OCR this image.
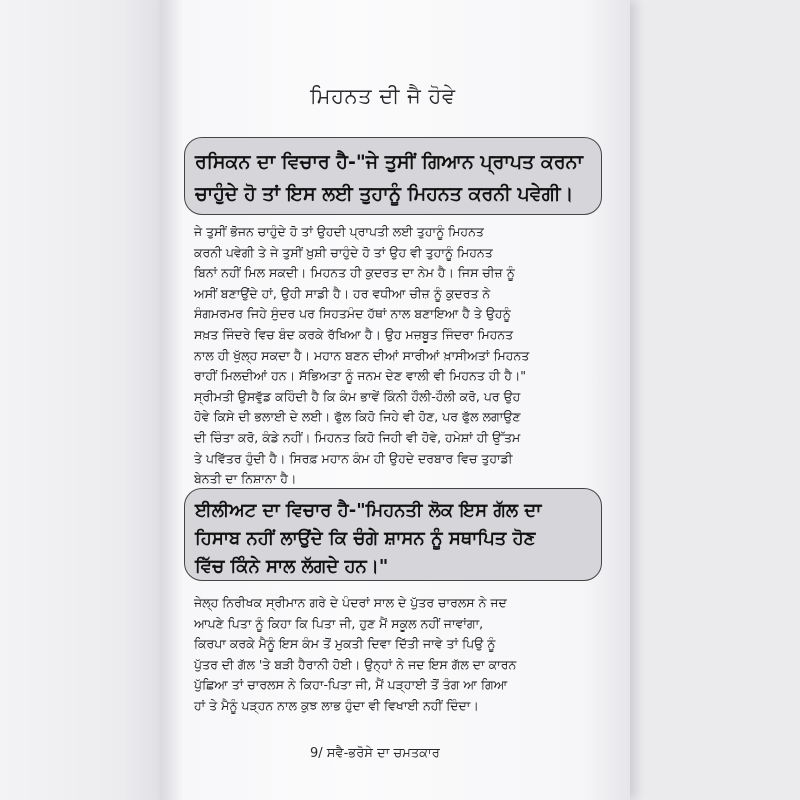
ਮਿਹਨਤ ਦੀ ਜੈ ਹੋਵੇ
ਰਸਿਕਨ ਦਾ ਵਿਚਾਰ ਹੈ-"ਜੇ ਤੁਸੀਂ ਗਿਆਨ ਪ੍ਰਾਪਤ ਕਰਨਾ
ਚਾਹੁੰਦੇ ਹੋ ਤਾਂ ਇਸ ਲਈ ਤੁਹਾਨੂੰ ਮਿਹਨਤ ਕਰਨੀ ਪਵੇਗੀ।
ਜੇ ਤੁਸੀਂ ਭੋਜਨ ਚਾਹੁੰਦੇ ਹੋ ਤਾਂ ਉਹਦੀ ਪ੍ਰਾਪਤੀ ਲਈ ਤੁਹਾਨੂੰ ਮਿਹਨਤ
ਕਰਨੀ ਪਵੇਗੀ ਤੇ ਜੇ ਤੁਸੀਂ ਖ਼ੁਸ਼ੀ ਚਾਹੁੰਦੇ ਹੋ ਤਾਂ ਉਹ ਵੀ ਤੁਹਾਨੂੰ ਮਿਹਨਤ
ਬਿਨਾਂ ਨਹੀਂ ਮਿਲ ਸਕਦੀ। ਮਿਹਨਤ ਹੀ ਕੁਦਰਤ ਦਾ ਨੇਮ ਹੈ। ਜਿਸ ਚੀਜ਼ ਨੂੰ
ਅਸੀਂ ਬਣਾਉਂਦੇ ਹਾਂ, ਉਹੀ ਸਾਡੀ ਹੈ। ਹਰ ਵਧੀਆ ਚੀਜ਼ ਨੂੰ ਕੁਦਰਤ ਨੇ
ਸੰਗਮਰਮਰ ਜਿਹੇ ਸੁੰਦਰ ਪਰ ਸਿਹਤਮੰਦ ਹੱਥਾਂ ਨਾਲ ਬਣਾਇਆ ਹੈ ਤੇ ਉਹਨੂੰ
ਸਖ਼ਤ ਜਿੰਦਰੇ ਵਿਚ ਬੰਦ ਕਰਕੇ ਰੱਖਿਆ ਹੈ। ਉਹ ਮਜ਼ਬੂਤ ਜਿੰਦਰਾ ਮਿਹਨਤ
ਨਾਲ ਹੀ ਖੁੱਲ੍ਹ ਸਕਦਾ ਹੈ। ਮਹਾਨ ਬਣਨ ਦੀਆਂ ਸਾਰੀਆਂ ਖ਼ਾਸੀਅਤਾਂ ਮਿਹਨਤ
ਰਾਹੀਂ ਮਿਲਦੀਆਂ ਹਨ। ਸੱਭਿਅਤਾ ਨੂੰ ਜਨਮ ਦੇਣ ਵਾਲੀ ਵੀ ਮਿਹਨਤ ਹੀ ਹੈ।"
ਸ੍ਰੀਮਤੀ ਉਸਵੁੱਡ ਕਹਿੰਦੀ ਹੈ ਕਿ ਕੰਮ ਭਾਵੇਂ ਕਿੰਨੀ ਹੌਲੀ-ਹੌਲੀ ਕਰੋ, ਪਰ ਉਹ
ਹੋਵੇ ਕਿਸੇ ਦੀ ਭਲਾਈ ਦੇ ਲਈ। ਫੁੱਲ ਕਿਹੋ ਜਿਹੇ ਵੀ ਹੋਣ, ਪਰ ਫੁੱਲ ਲਗਾਉਣ
ਦੀ ਚਿੰਤਾ ਕਰੋ, ਕੰਡੇ ਨਹੀਂ। ਮਿਹਨਤ ਕਿਹੋ ਜਿਹੀ ਵੀ ਹੋਵੇ, ਹਮੇਸ਼ਾਂ ਹੀ ਉੱਤਮ
ਤੇ ਪਵਿੱਤਰ ਹੁੰਦੀ ਹੈ। ਸਿਰਫ਼ ਮਹਾਨ ਕੰਮ ਹੀ ਉਹਦੇ ਦਰਬਾਰ ਵਿਚ ਤੁਹਾਡੀ
ਬੇਨਤੀ ਦਾ ਨਿਸ਼ਾਨਾ ਹੈ।
ਈਲੀਅਟ ਦਾ ਵਿਚਾਰ ਹੈ-"ਮਿਹਨਤੀ ਲੋਕ ਇਸ ਗੱਲ ਦਾ
ਹਿਸਾਬ ਨਹੀਂ ਲਾਉਂਦੇ ਕਿ ਚੰਗੇ ਸ਼ਾਸਨ ਨੂੰ ਸਥਾਪਿਤ ਹੋਣ
ਵਿੱਚ ਕਿੰਨੇ ਸਾਲ ਲੱਗਦੇ ਹਨ।"
ਜੇਲ੍ਹ ਨਿਰੀਖਕ ਸ੍ਰੀਮਾਨ ਗਰੇ ਦੇ ਪੰਦਰਾਂ ਸਾਲ ਦੇ ਪੁੱਤਰ ਚਾਰਲਸ ਨੇ ਜਦ
ਆਪਣੇ ਪਿਤਾ ਨੂੰ ਕਿਹਾ ਕਿ ਪਿਤਾ ਜੀ, ਹੁਣ ਮੈਂ ਸਕੂਲ ਨਹੀਂ ਜਾਵਾਂਗਾ,
ਕਿਰਪਾ ਕਰਕੇ ਮੈਨੂੰ ਇਸ ਕੰਮ ਤੋਂ ਮੁਕਤੀ ਦਿਵਾ ਦਿੱਤੀ ਜਾਵੇ ਤਾਂ ਪਿਉ ਨੂੰ
ਪੁੱਤਰ ਦੀ ਗੱਲ 'ਤੇ ਬੜੀ ਹੈਰਾਨੀ ਹੋਈ। ਉਨ੍ਹਾਂ ਨੇ ਜਦ ਇਸ ਗੱਲ ਦਾ ਕਾਰਨ
ਪੁੱਛਿਆ ਤਾਂ ਚਾਰਲਸ ਨੇ ਕਿਹਾ-ਪਿਤਾ ਜੀ, ਮੈਂ ਪੜ੍ਹਾਈ ਤੋਂ ਤੰਗ ਆ ਗਿਆ
ਹਾਂ ਤੇ ਮੈਨੂੰ ਪੜ੍ਹਨ ਨਾਲ ਕੁਝ ਲਾਭ ਹੁੰਦਾ ਵੀ ਵਿਖਾਈ ਨਹੀਂ ਦਿੰਦਾ।
9/ ਸਵੈ-ਭਰੋਸੇ ਦਾ ਚਮਤਕਾਰ
